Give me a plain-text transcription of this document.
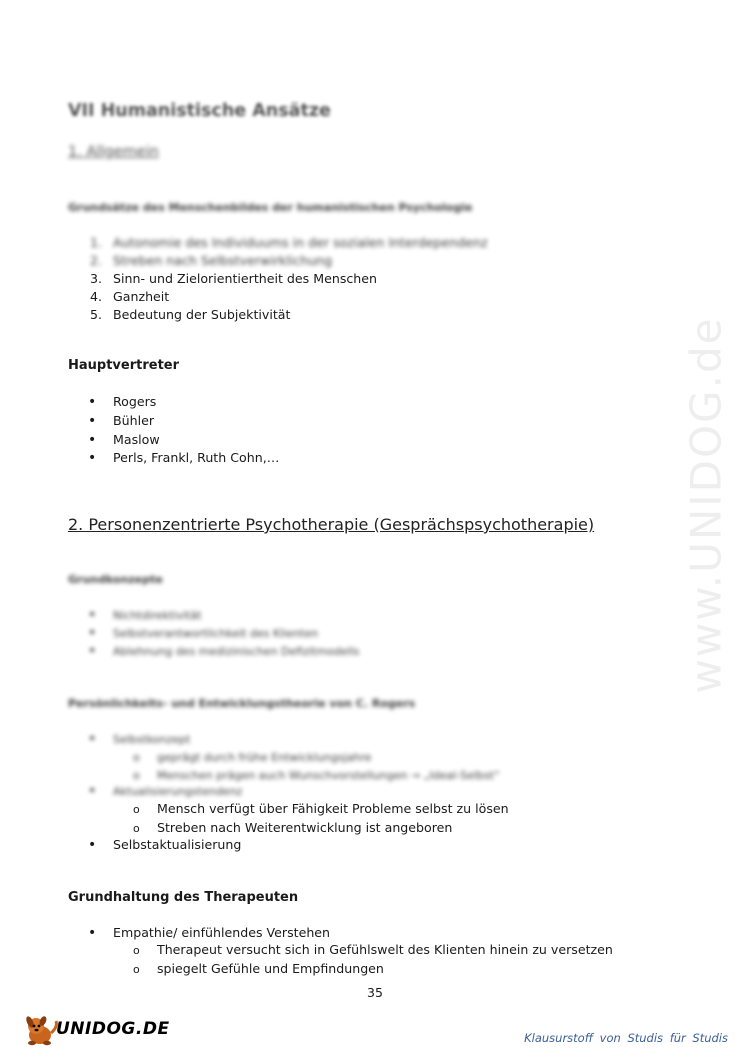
www.UNIDOG.de
VII Humanistische Ansätze
1. Allgemein
Grundsätze des Menschenbildes der humanistischen Psychologie
1. Autonomie des Individuums in der sozialen Interdependenz
2. Streben nach Selbstverwirklichung
3. Sinn- und Zielorientiertheit des Menschen
4. Ganzheit
5. Bedeutung der Subjektivität
Hauptvertreter
•	Rogers
•	Bühler
•	Maslow
•	Perls, Frankl, Ruth Cohn,…
2. Personenzentrierte Psychotherapie (Gesprächspsychotherapie)
Grundkonzepte
•	Nichtdirektivität
•	Selbstverantwortlichkeit des Klienten
•	Ablehnung des medizinischen Defizitmodells
Persönlichkeits- und Entwicklungstheorie von C. Rogers
•	Selbstkonzept
o	geprägt durch frühe Entwicklungsjahre
o	Menschen prägen auch Wunschvorstellungen → „Ideal-Selbst“
•	Aktualisierungstendenz
o	Mensch verfügt über Fähigkeit Probleme selbst zu lösen
o	Streben nach Weiterentwicklung ist angeboren
•	Selbstaktualisierung
Grundhaltung des Therapeuten
•	Empathie/ einfühlendes Verstehen
o	Therapeut versucht sich in Gefühlswelt des Klienten hinein zu versetzen
o	spiegelt Gefühle und Empfindungen
35
UNIDOG.DE	Klausurstoff von Studis für Studis
